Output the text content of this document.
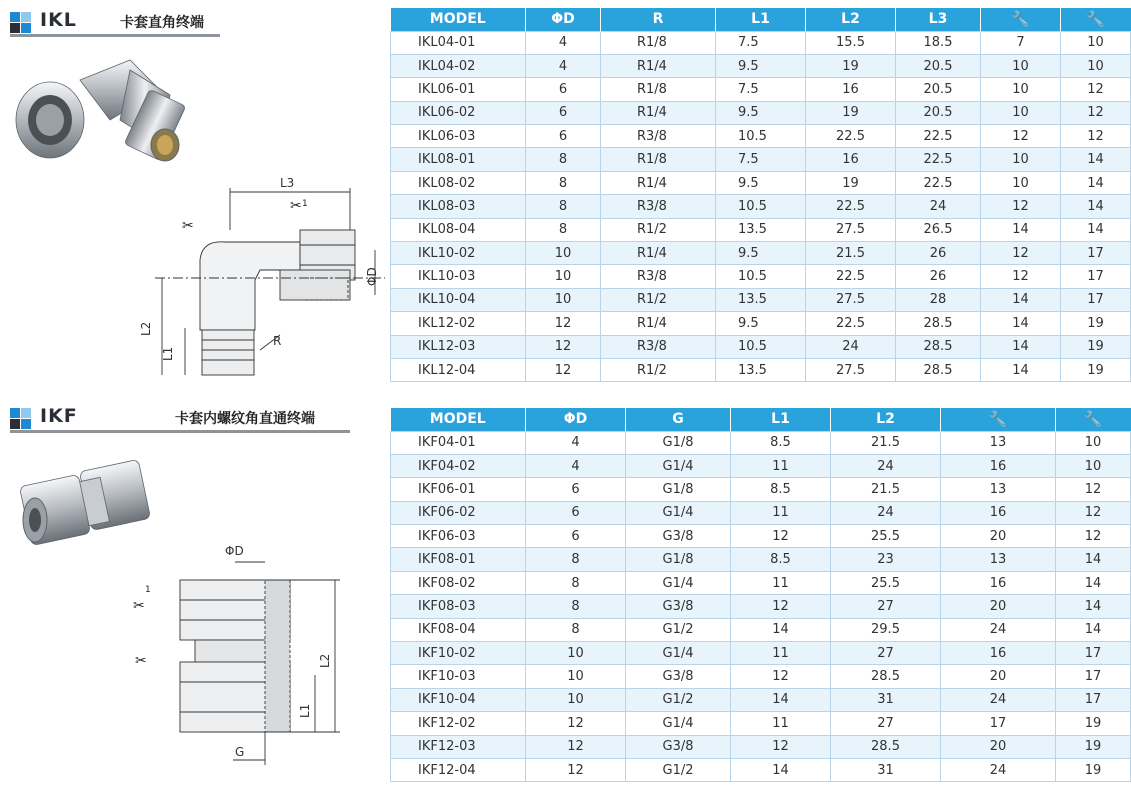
IKL	卡套直角终端
L3
L2
L1
ΦD
R
✂
✂ 1
MODEL	ΦD	R	L1	L2	L3	🔧	🔧
IKL04-01	4	R1/8	7.5	15.5	18.5	7	10
IKL04-02	4	R1/4	9.5	19	20.5	10	10
IKL06-01	6	R1/8	7.5	16	20.5	10	12
IKL06-02	6	R1/4	9.5	19	20.5	10	12
IKL06-03	6	R3/8	10.5	22.5	22.5	12	12
IKL08-01	8	R1/8	7.5	16	22.5	10	14
IKL08-02	8	R1/4	9.5	19	22.5	10	14
IKL08-03	8	R3/8	10.5	22.5	24	12	14
IKL08-04	8	R1/2	13.5	27.5	26.5	14	14
IKL10-02	10	R1/4	9.5	21.5	26	12	17
IKL10-03	10	R3/8	10.5	22.5	26	12	17
IKL10-04	10	R1/2	13.5	27.5	28	14	17
IKL12-02	12	R1/4	9.5	22.5	28.5	14	19
IKL12-03	12	R3/8	10.5	24	28.5	14	19
IKL12-04	12	R1/2	13.5	27.5	28.5	14	19
IKF	卡套内螺纹角直通终端
ΦD
L2
L1
G
✂
1
✂
MODEL	ΦD	G	L1	L2	🔧	🔧
IKF04-01	4	G1/8	8.5	21.5	13	10
IKF04-02	4	G1/4	11	24	16	10
IKF06-01	6	G1/8	8.5	21.5	13	12
IKF06-02	6	G1/4	11	24	16	12
IKF06-03	6	G3/8	12	25.5	20	12
IKF08-01	8	G1/8	8.5	23	13	14
IKF08-02	8	G1/4	11	25.5	16	14
IKF08-03	8	G3/8	12	27	20	14
IKF08-04	8	G1/2	14	29.5	24	14
IKF10-02	10	G1/4	11	27	16	17
IKF10-03	10	G3/8	12	28.5	20	17
IKF10-04	10	G1/2	14	31	24	17
IKF12-02	12	G1/4	11	27	17	19
IKF12-03	12	G3/8	12	28.5	20	19
IKF12-04	12	G1/2	14	31	24	19
